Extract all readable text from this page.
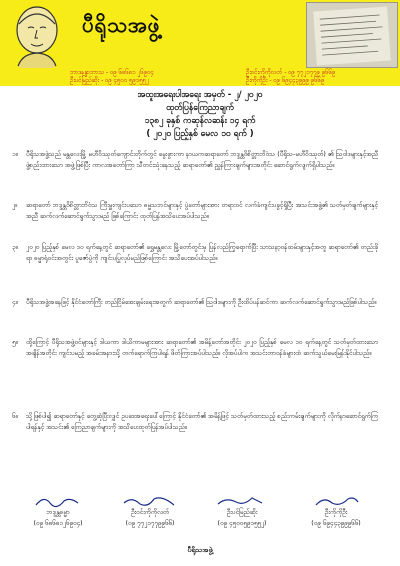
ပီရိုသအဖွဲ့
ဘာဒနန္ဒာဘာသ - ဝ၉ ၆၈၆၈၁ ၂၆၉၀၄
ဦးပင်မြည်ဆိုး - ဝ၉ ၄၅၀၀ ၅၉၁၅၅၂
ဦးဝင်းကိုကိုလတ် - ဝ၉ ၇၇၂၁၇၇၉ ၉၆၆၉
ဦးကိုကိုဦး - ဝ၉ ၆၉၄၄၃၉၉၉ ၉၆၆၉
အထူးအရေးပါအရေး အမှတ် - ၂/ ၂၀၂၀
ထုတ်ပြန်ကြေညာချက်
၁၃၈၂ ခုနှစ် ကဆုန်လဆန်း ၁၄ ရက်
( ၂၀၂၀ ပြည့်နှစ် မေလ ၁၀ ရက် )
၁။ ပီရိုသအဖွဲ့သည် မန္တလေးမြို့ မဟီဝိဿုတ်ကျောင်းတိုက်တွင် မွေးဖွားကာ နာယကဆရာတော် ဘဒ္ဒန္တဝိစိတ္တာဘိဝံသ (ပီရိုသ-မဟီဝိဿုတ်) ၏ ဩဝါဒများနှင့်အညီ ဖွဲ့စည်းထားသော အဖွဲ့ဖြစ်ပြီး ကာလအတော်ကြာ သီတင်းသုံးနေသည့် ဆရာတော်၏ ညွှန်ကြားချက်များအတိုင်း ဆောင်ရွက်လျက်ရှိပါသည်။
၂။ ဆရာတော် ဘဒ္ဒန္တဝိစိတ္တာဘိဝံသ ကြီးမှူးကျင်းပသော ဓမ္မသဘင်များနှင့် ပွဲတော်များအား တရားဝင် လက်ခံကျင်းပခွင့်ရှိပြီး အသင်းအဖွဲ့၏ သတ်မှတ်ချက်များနှင့်အညီ ဆက်လက်ဆောင်ရွက်သွားမည် ဖြစ်ကြောင်း ထုတ်ပြန်အသိပေးအပ်ပါသည်။
၃။ ၂၀၂၀ ပြည့်နှစ် မေလ ၁၀ ရက်နေ့တွင် ဆရာတော်၏ ရွှေမန္တလေး မြို့တော်တွင်းမှ ပြန်လည်ကြွရောက်ပြီး သာသနာ့ဝန်ထမ်းများနှင့်အတူ ဆရာတော်၏ တည်းခိုရာ ဓမ္မာရုံဝင်းအတွင်း ပူဇော်ပွဲကို ကျင်းပပြုလုပ်မည်ဖြစ်ကြောင်း အသိပေးအပ်ပါသည်။
၄။ ပီရိုသအဖွဲ့အနေဖြင့် နိုင်ငံတော်ကြီး တည်ငြိမ်အေးချမ်းရေးအတွက် ဆရာတော်၏ ဩဝါဒများကို ဦးထိပ်ပန်ဆင်ကာ ဆက်လက်ဆောင်ရွက်သွားမည်ဖြစ်ပါသည်။
၅။ ထို့ကြောင့် ပီရိုသအဖွဲ့ဝင်များနှင့် ဒါယကာ ဒါယိကာမများအား ဆရာတော်၏ အမိန့်တော်အတိုင်း ၂၀၂၀ ပြည့်နှစ် မေလ ၁၀ ရက်နေ့တွင် သတ်မှတ်ထားသော အချိန်အတိုင်း ကျင်းပမည့် အခမ်းအနားသို့ တက်ရောက်ကြပါရန် ဖိတ်ကြားအပ်ပါသည်။ လိုအပ်ပါက အသင်းတာဝန်ခံများထံ ဆက်သွယ်မေးမြန်းနိုင်ပါသည်။
၆။ သို့ဖြစ်ပါ၍ ဆရာတော်နှင့် တွေ့ဆုံပြီးလျှင် ဥပဒေအရေးပေါ်ကြောင့် နိုင်ငံတော်၏ အမိန့်ဖြင့် သတ်မှတ်ထားသည့် စည်းကမ်းချက်များကို လိုက်နာဆောင်ရွက်ကြပါရန်နှင့် အသင်း၏ ကြေညာချက်များကို အသိပေးထုတ်ပြန်အပ်ပါသည်။
ဘဒ္ဒန္တဓမ္မာ
(ဝ၉ ၆၈၆၈၁၂၆၉ဝ၄)
ဦးဝင်းကိုကိုလတ်
(ဝ၉ ၇၇၂၁၇၇၉၉၆၆)
ဦးပင်မြည်ဆိုး
(ဝ၉ ၄၅၀၀၅၉၁၅၅၂)
ဦးကိုကိုဦး
(ဝ၉ ၆၉၄၄၃၉၉၉၆၆)
ပီရိုသအဖွဲ့
